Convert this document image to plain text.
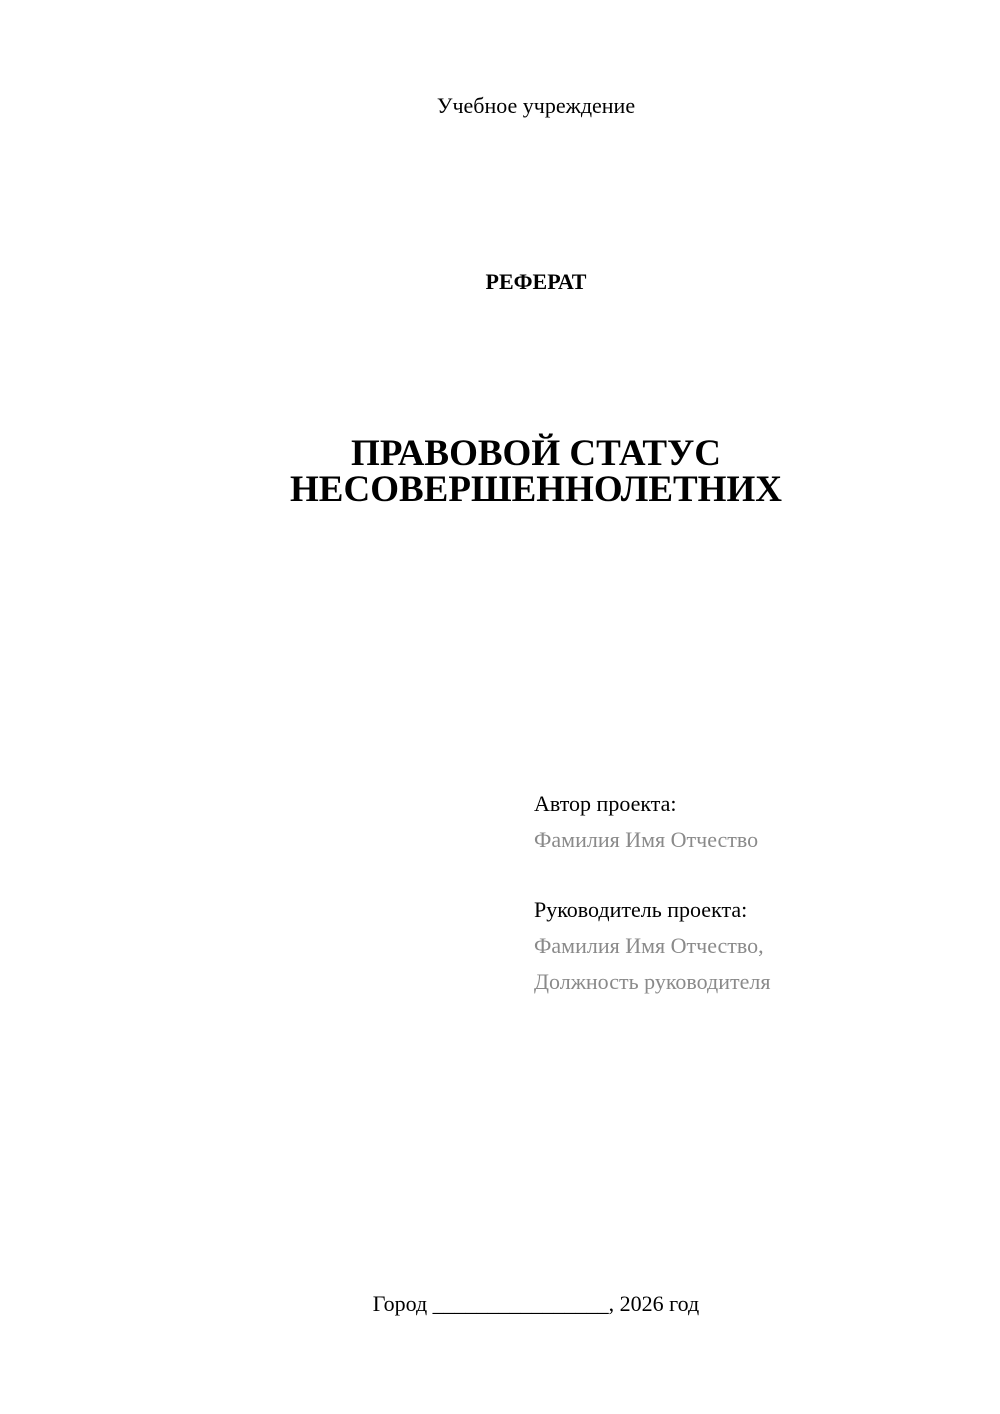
Учебное учреждение
РЕФЕРАТ
ПРАВОВОЙ СТАТУС
НЕСОВЕРШЕННОЛЕТНИХ
Автор проекта:
Фамилия Имя Отчество
Руководитель проекта:
Фамилия Имя Отчество,
Должность руководителя
Город ________________, 2026 год
